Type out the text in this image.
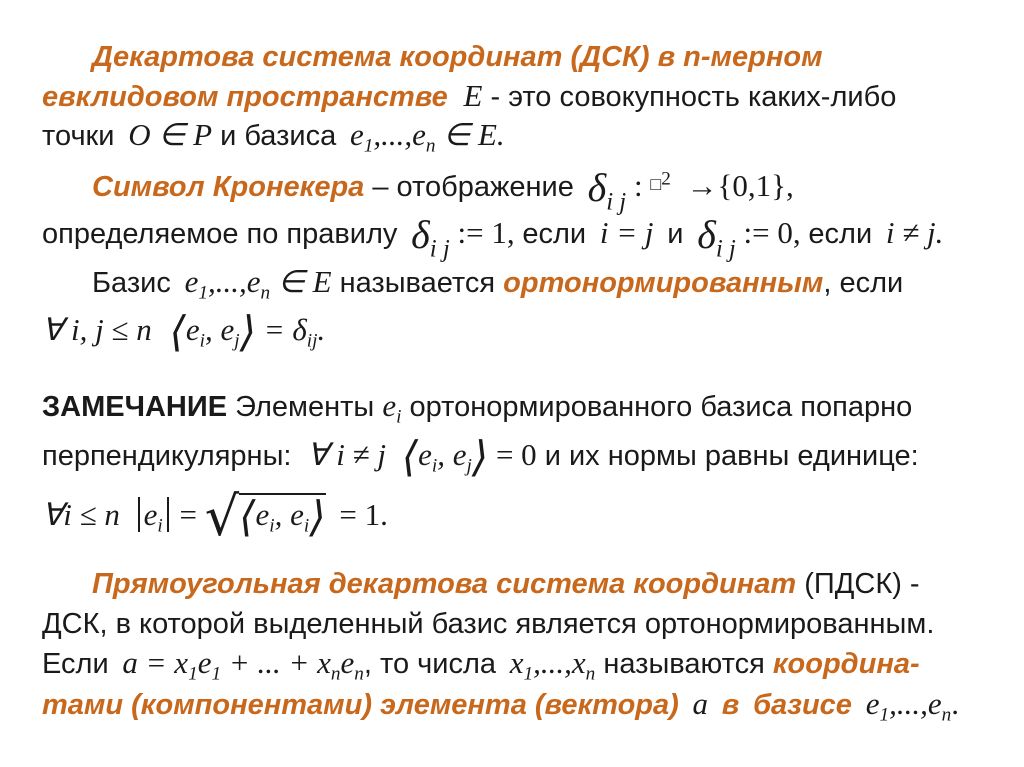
Декартова система координат (ДСК) в n-мерном
евклидовом пространстве E - это совокупность каких-либо
точки O ∈ P и базиса $e_1,...,e_n$ ∈ E.
Символ Кронекера – отображение $\delta_{i j}$ : □$^2$ →{0,1},
определяемое по правилу $\delta_{i j}$ := 1, если i = j и $\delta_{i j}$ := 0, если i ≠ j.
Базис $e_1,...,e_n$ ∈ E называется ортонормированным, если
∀ i, j ≤ n $⟨e_i$, $e_j⟩ = \delta_{ij}$.
ЗАМЕЧАНИЕ Элементы $e_i$ ортонормированного базиса попарно
перпендикулярны: ∀ i ≠ j $⟨e_i$, $e_j⟩ = 0$ и их нормы равны единице:
∀i ≤ n $e_i$ = $√⟨e_i$, $e_i⟩ = 1$.
Прямоугольная декартова система координат (ПДСК) -
ДСК, в которой выделенный базис является ортонормированным.
Если $a = x_1e_1$ + ... + $x_ne_n$, то числа $x_1,...,x_n$ называются координа-
тами (компонентами) элемента (вектора) a в базисе $e_1,...,e_n$.
